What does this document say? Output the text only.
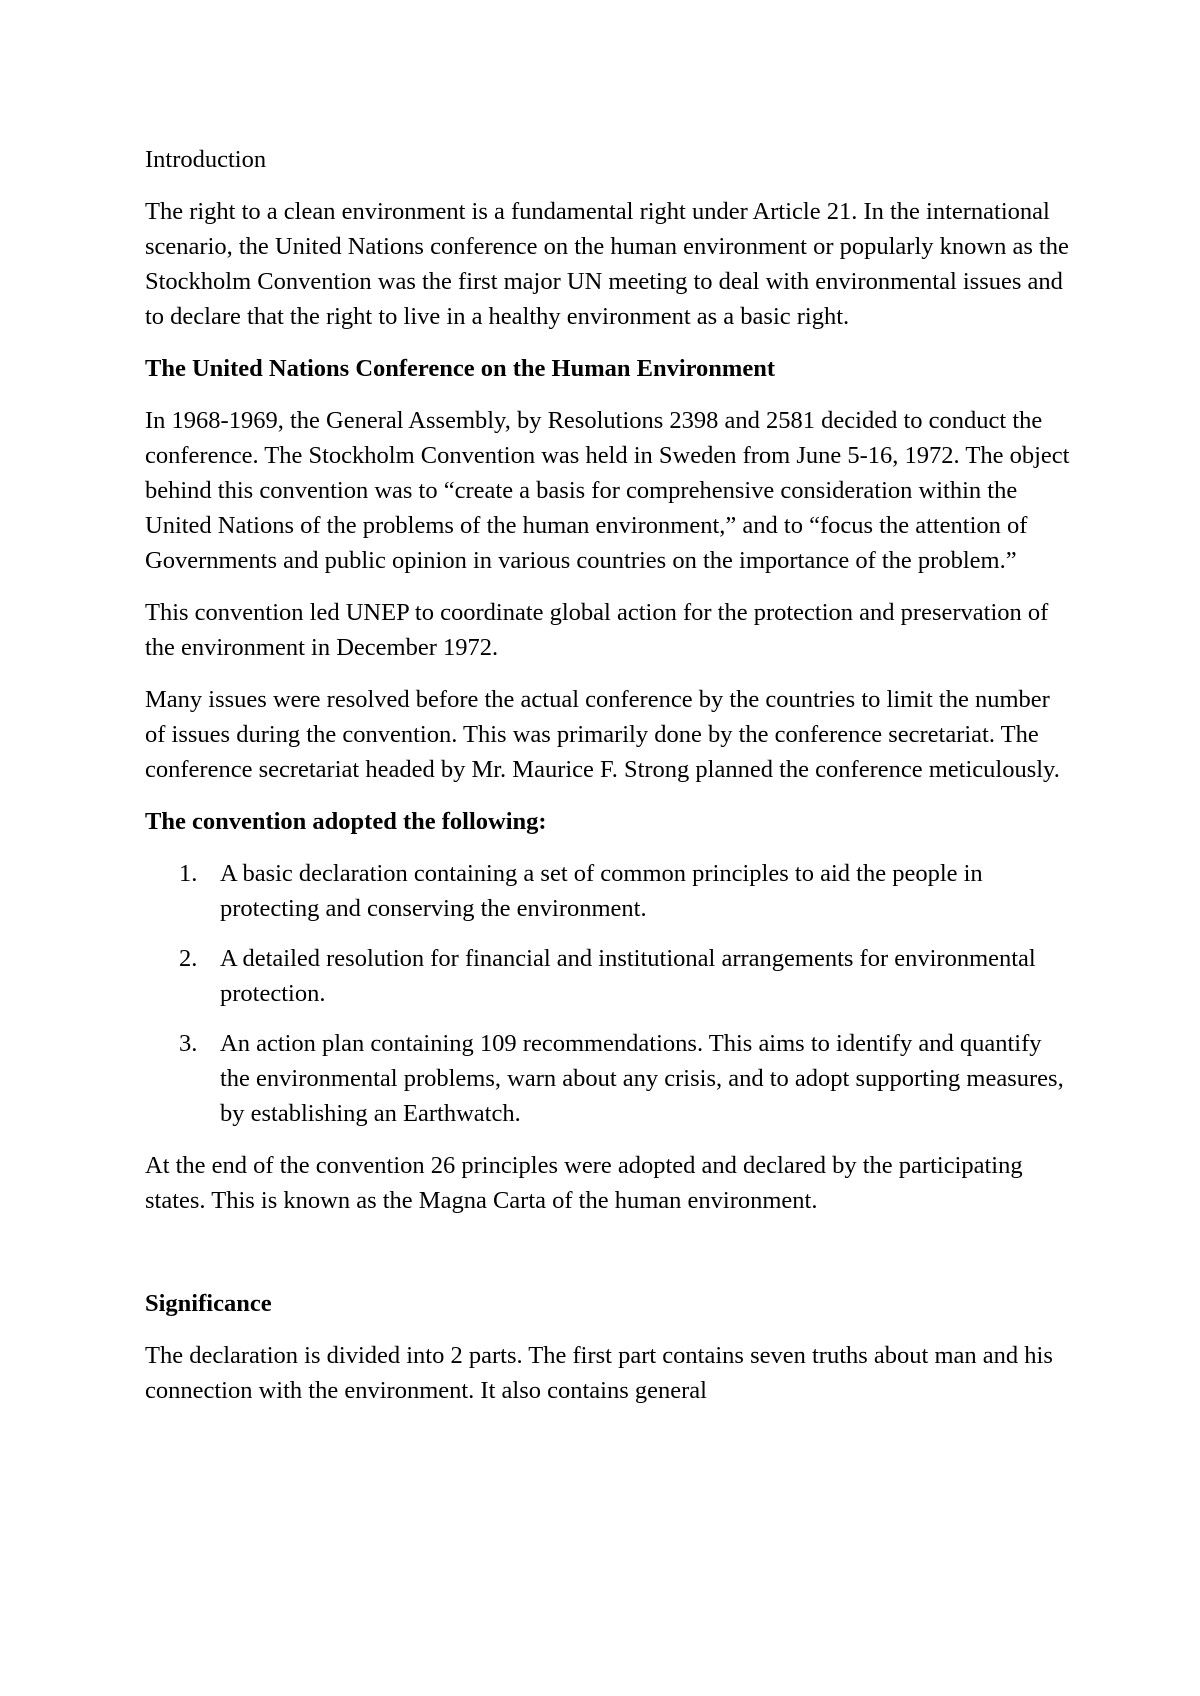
Introduction

The right to a clean environment is a fundamental right under Article 21. In the international scenario, the United Nations conference on the human environment or popularly known as the Stockholm Convention was the first major UN meeting to deal with environmental issues and to declare that the right to live in a healthy environment as a basic right.

The United Nations Conference on the Human Environment

In 1968-1969, the General Assembly, by Resolutions 2398 and 2581 decided to conduct the conference. The Stockholm Convention was held in Sweden from June 5-16, 1972. The object behind this convention was to “create a basis for comprehensive consideration within the United Nations of the problems of the human environment,” and to “focus the attention of Governments and public opinion in various countries on the importance of the problem.”

This convention led UNEP to coordinate global action for the protection and preservation of the environment in December 1972.

Many issues were resolved before the actual conference by the countries to limit the number of issues during the convention. This was primarily done by the conference secretariat. The conference secretariat headed by Mr. Maurice F. Strong planned the conference meticulously.

The convention adopted the following:
1. A basic declaration containing a set of common principles to aid the people in protecting and conserving the environment.
2. A detailed resolution for financial and institutional arrangements for environmental protection.
3. An action plan containing 109 recommendations. This aims to identify and quantify the environmental problems, warn about any crisis, and to adopt supporting measures, by establishing an Earthwatch.

At the end of the convention 26 principles were adopted and declared by the participating states. This is known as the Magna Carta of the human environment.

Significance

The declaration is divided into 2 parts. The first part contains seven truths about man and his connection with the environment. It also contains general
